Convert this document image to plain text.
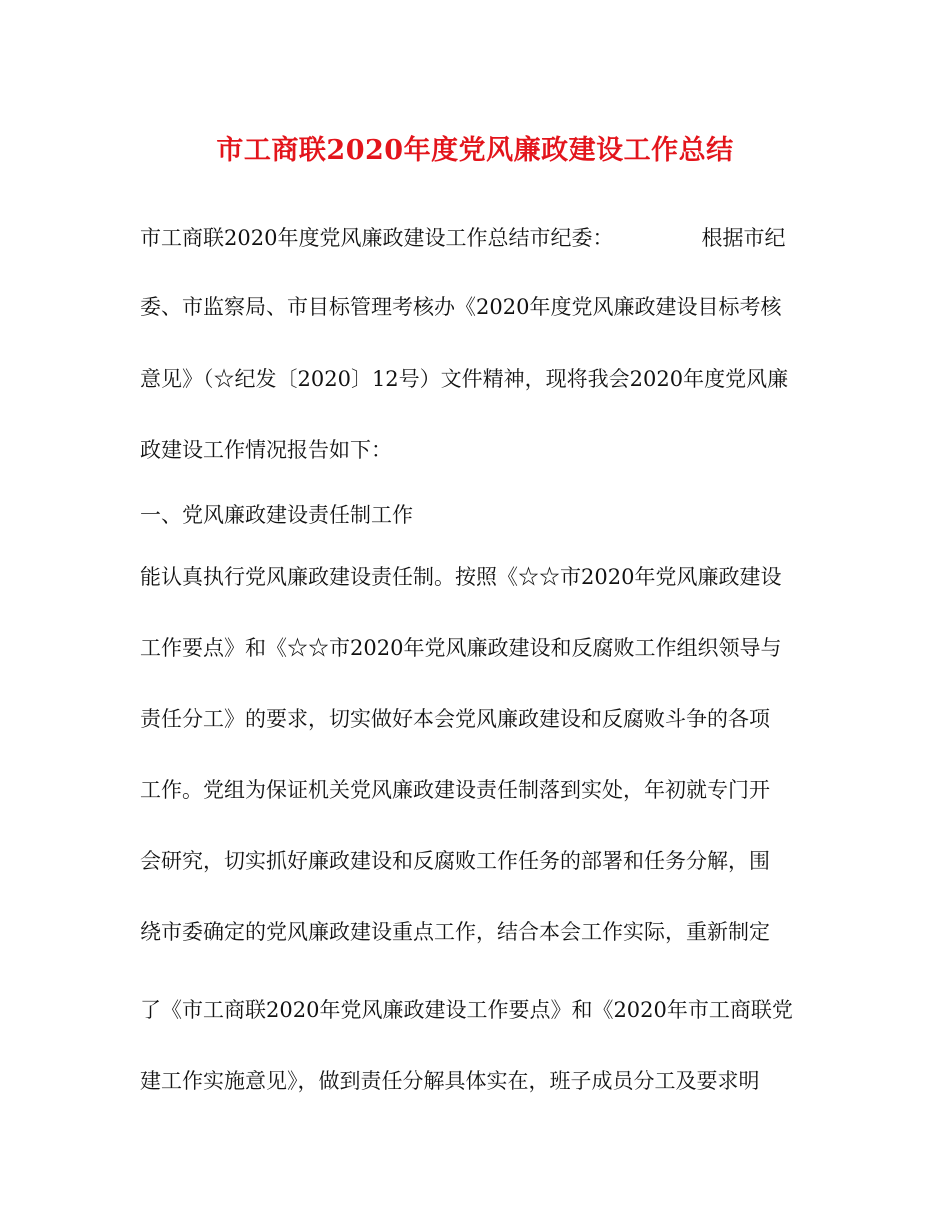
市工商联2020年度党风廉政建设工作总结

市工商联2020年度党风廉政建设工作总结市纪委：	根据市纪

委、市监察局、市目标管理考核办《2020年度党风廉政建设目标考核

意见》（☆纪发〔2020〕12号）文件精神，现将我会2020年度党风廉

政建设工作情况报告如下：

一、党风廉政建设责任制工作

能认真执行党风廉政建设责任制。按照《☆☆市2020年党风廉政建设

工作要点》和《☆☆市2020年党风廉政建设和反腐败工作组织领导与

责任分工》的要求，切实做好本会党风廉政建设和反腐败斗争的各项

工作。党组为保证机关党风廉政建设责任制落到实处，年初就专门开

会研究，切实抓好廉政建设和反腐败工作任务的部署和任务分解，围

绕市委确定的党风廉政建设重点工作，结合本会工作实际，重新制定

了《市工商联2020年党风廉政建设工作要点》和《2020年市工商联党

建工作实施意见》，做到责任分解具体实在，班子成员分工及要求明
